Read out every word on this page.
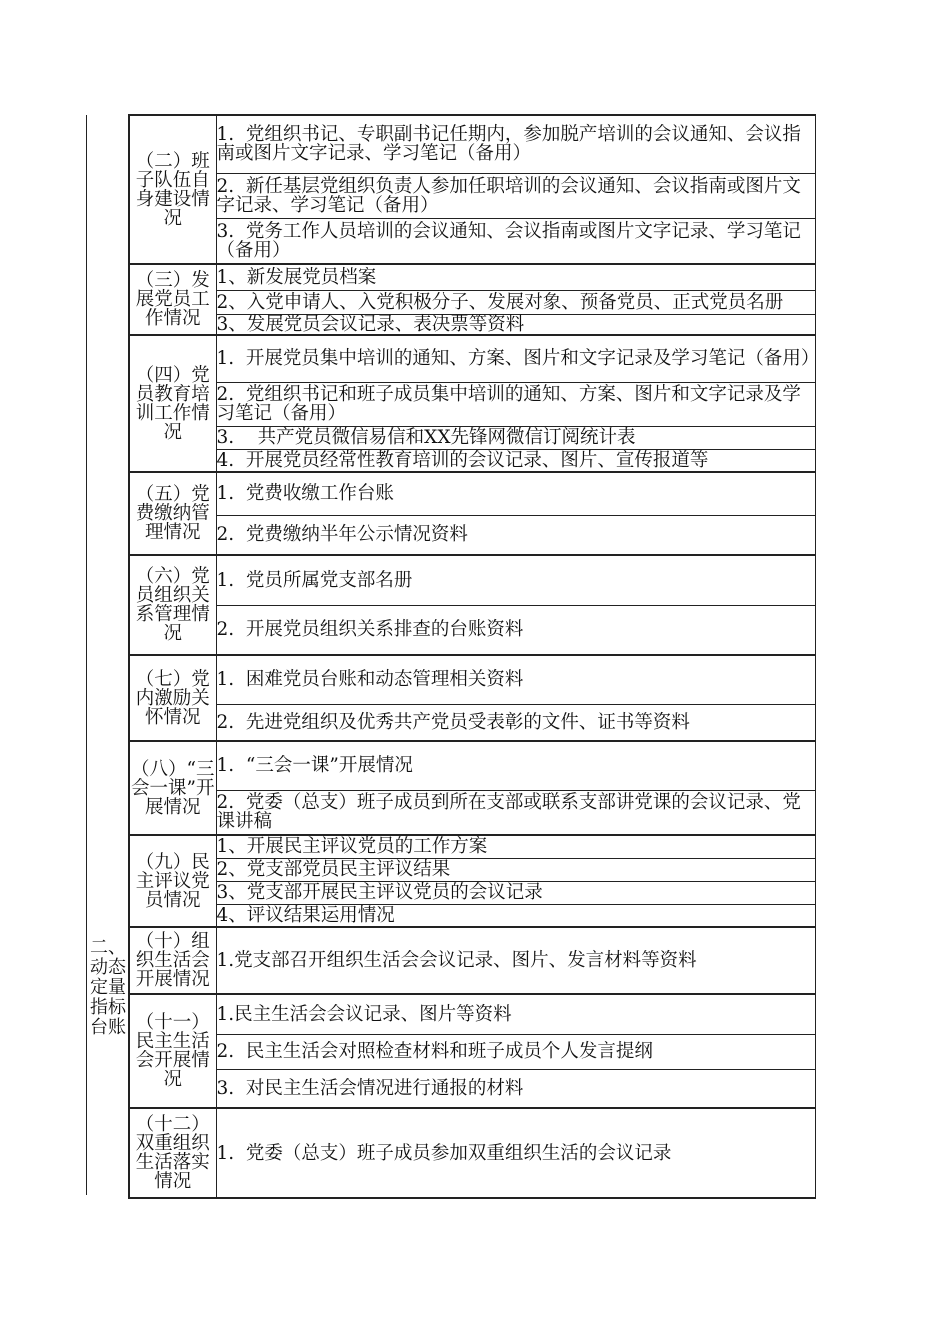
二、动态定量指标台账
（二）班子队伍自身建设情况	1.  党组织书记、专职副书记任期内，参加脱产培训的会议通知、会议指南或图片文字记录、学习笔记（备用）
	2.  新任基层党组织负责人参加任职培训的会议通知、会议指南或图片文字记录、学习笔记（备用）
	3.  党务工作人员培训的会议通知、会议指南或图片文字记录、学习笔记（备用）
（三）发展党员工作情况	1、新发展党员档案
	2、入党申请人、入党积极分子、发展对象、预备党员、正式党员名册
	3、发展党员会议记录、表决票等资料
（四）党员教育培训工作情况	1.  开展党员集中培训的通知、方案、图片和文字记录及学习笔记（备用）
	2.  党组织书记和班子成员集中培训的通知、方案、图片和文字记录及学习笔记（备用）
	3.    共产党员微信易信和XX先锋网微信订阅统计表
	4.  开展党员经常性教育培训的会议记录、图片、宣传报道等
（五）党费缴纳管理情况	1.  党费收缴工作台账
	2.  党费缴纳半年公示情况资料
（六）党员组织关系管理情况	1.  党员所属党支部名册
	2.  开展党员组织关系排查的台账资料
（七）党内激励关怀情况	1.  困难党员台账和动态管理相关资料
	2.  先进党组织及优秀共产党员受表彰的文件、证书等资料
（八）“三会一课”开展情况	1.  “三会一课”开展情况
	2.  党委（总支）班子成员到所在支部或联系支部讲党课的会议记录、党课讲稿
（九）民主评议党员情况	1、开展民主评议党员的工作方案
	2、党支部党员民主评议结果
	3、党支部开展民主评议党员的会议记录
	4、评议结果运用情况
（十）组织生活会开展情况	1.党支部召开组织生活会会议记录、图片、发言材料等资料
（十一）民主生活会开展情况	1.民主生活会会议记录、图片等资料
	2.  民主生活会对照检查材料和班子成员个人发言提纲
	3.  对民主生活会情况进行通报的材料
（十二）双重组织生活落实情况	1.  党委（总支）班子成员参加双重组织生活的会议记录
